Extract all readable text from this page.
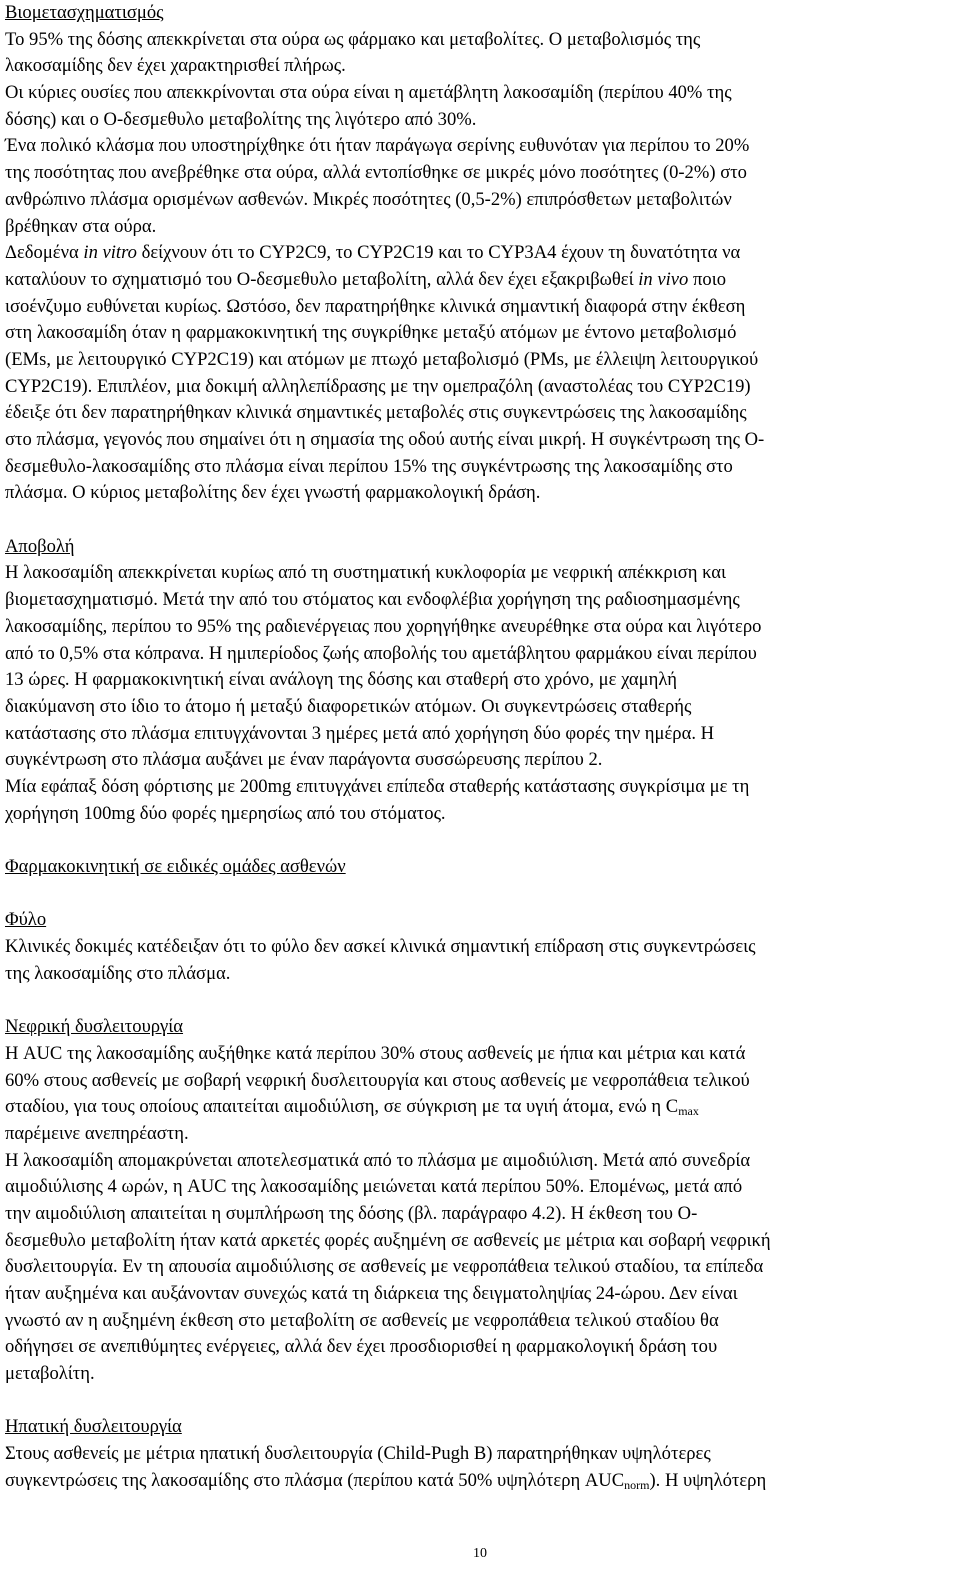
Βιομετασχηματισμός
Το 95% της δόσης απεκκρίνεται στα ούρα ως φάρμακο και μεταβολίτες. Ο μεταβολισμός της
λακοσαμίδης δεν έχει χαρακτηρισθεί πλήρως.
Οι κύριες ουσίες που απεκκρίνονται στα ούρα είναι η αμετάβλητη λακοσαμίδη (περίπου 40% της
δόσης) και ο O-δεσμεθυλο μεταβολίτης της λιγότερο από 30%.
Ένα πολικό κλάσμα που υποστηρίχθηκε ότι ήταν παράγωγα σερίνης ευθυνόταν για περίπου το 20%
της ποσότητας που ανεβρέθηκε στα ούρα, αλλά εντοπίσθηκε σε μικρές μόνο ποσότητες (0-2%) στο
ανθρώπινο πλάσμα ορισμένων ασθενών. Μικρές ποσότητες (0,5-2%) επιπρόσθετων μεταβολιτών
βρέθηκαν στα ούρα.
Δεδομένα in vitro δείχνουν ότι το CYP2C9, το CYP2C19 και το CYP3A4 έχουν τη δυνατότητα να
καταλύουν το σχηματισμό του O-δεσμεθυλο μεταβολίτη, αλλά δεν έχει εξακριβωθεί in vivo ποιο
ισοένζυμο ευθύνεται κυρίως. Ωστόσο, δεν παρατηρήθηκε κλινικά σημαντική διαφορά στην έκθεση
στη λακοσαμίδη όταν η φαρμακοκινητική της συγκρίθηκε μεταξύ ατόμων με έντονο μεταβολισμό
(EMs, με λειτουργικό CYP2C19) και ατόμων με πτωχό μεταβολισμό (PMs, με έλλειψη λειτουργικού
CYP2C19). Επιπλέον, μια δοκιμή αλληλεπίδρασης με την ομεπραζόλη (αναστολέας του CYP2C19)
έδειξε ότι δεν παρατηρήθηκαν κλινικά σημαντικές μεταβολές στις συγκεντρώσεις της λακοσαμίδης
στο πλάσμα, γεγονός που σημαίνει ότι η σημασία της οδού αυτής είναι μικρή. Η συγκέντρωση της O-
δεσμεθυλο-λακοσαμίδης στο πλάσμα είναι περίπου 15% της συγκέντρωσης της λακοσαμίδης στο
πλάσμα. Ο κύριος μεταβολίτης δεν έχει γνωστή φαρμακολογική δράση.
Αποβολή
Η λακοσαμίδη απεκκρίνεται κυρίως από τη συστηματική κυκλοφορία με νεφρική απέκκριση και
βιομετασχηματισμό. Μετά την από του στόματος και ενδοφλέβια χορήγηση της ραδιοσημασμένης
λακοσαμίδης, περίπου το 95% της ραδιενέργειας που χορηγήθηκε ανευρέθηκε στα ούρα και λιγότερο
από το 0,5% στα κόπρανα. Η ημιπερίοδος ζωής αποβολής του αμετάβλητου φαρμάκου είναι περίπου
13 ώρες. Η φαρμακοκινητική είναι ανάλογη της δόσης και σταθερή στο χρόνο, με χαμηλή
διακύμανση στο ίδιο το άτομο ή μεταξύ διαφορετικών ατόμων. Οι συγκεντρώσεις σταθερής
κατάστασης στο πλάσμα επιτυγχάνονται 3 ημέρες μετά από χορήγηση δύο φορές την ημέρα. Η
συγκέντρωση στο πλάσμα αυξάνει με έναν παράγοντα συσσώρευσης περίπου 2.
Μία εφάπαξ δόση φόρτισης με 200mg επιτυγχάνει επίπεδα σταθερής κατάστασης συγκρίσιμα με τη
χορήγηση 100mg δύο φορές ημερησίως από του στόματος.
Φαρμακοκινητική σε ειδικές ομάδες ασθενών
Φύλο
Κλινικές δοκιμές κατέδειξαν ότι το φύλο δεν ασκεί κλινικά σημαντική επίδραση στις συγκεντρώσεις
της λακοσαμίδης στο πλάσμα.
Νεφρική δυσλειτουργία
Η AUC της λακοσαμίδης αυξήθηκε κατά περίπου 30% στους ασθενείς με ήπια και μέτρια και κατά
60% στους ασθενείς με σοβαρή νεφρική δυσλειτουργία και στους ασθενείς με νεφροπάθεια τελικού
σταδίου, για τους οποίους απαιτείται αιμοδιύλιση, σε σύγκριση με τα υγιή άτομα, ενώ η $C_{max}$
παρέμεινε ανεπηρέαστη.
Η λακοσαμίδη απομακρύνεται αποτελεσματικά από το πλάσμα με αιμοδιύλιση. Μετά από συνεδρία
αιμοδιύλισης 4 ωρών, η AUC της λακοσαμίδης μειώνεται κατά περίπου 50%. Επομένως, μετά από
την αιμοδιύλιση απαιτείται η συμπλήρωση της δόσης (βλ. παράγραφο 4.2). Η έκθεση του O-
δεσμεθυλο μεταβολίτη ήταν κατά αρκετές φορές αυξημένη σε ασθενείς με μέτρια και σοβαρή νεφρική
δυσλειτουργία. Εν τη απουσία αιμοδιύλισης σε ασθενείς με νεφροπάθεια τελικού σταδίου, τα επίπεδα
ήταν αυξημένα και αυξάνονταν συνεχώς κατά τη διάρκεια της δειγματοληψίας 24-ώρου. Δεν είναι
γνωστό αν η αυξημένη έκθεση στο μεταβολίτη σε ασθενείς με νεφροπάθεια τελικού σταδίου θα
οδήγησει σε ανεπιθύμητες ενέργειες, αλλά δεν έχει προσδιορισθεί η φαρμακολογική δράση του
μεταβολίτη.
Ηπατική δυσλειτουργία
Στους ασθενείς με μέτρια ηπατική δυσλειτουργία (Child-Pugh B) παρατηρήθηκαν υψηλότερες
συγκεντρώσεις της λακοσαμίδης στο πλάσμα (περίπου κατά 50% υψηλότερη $AUC_{norm}$). Η υψηλότερη
10
